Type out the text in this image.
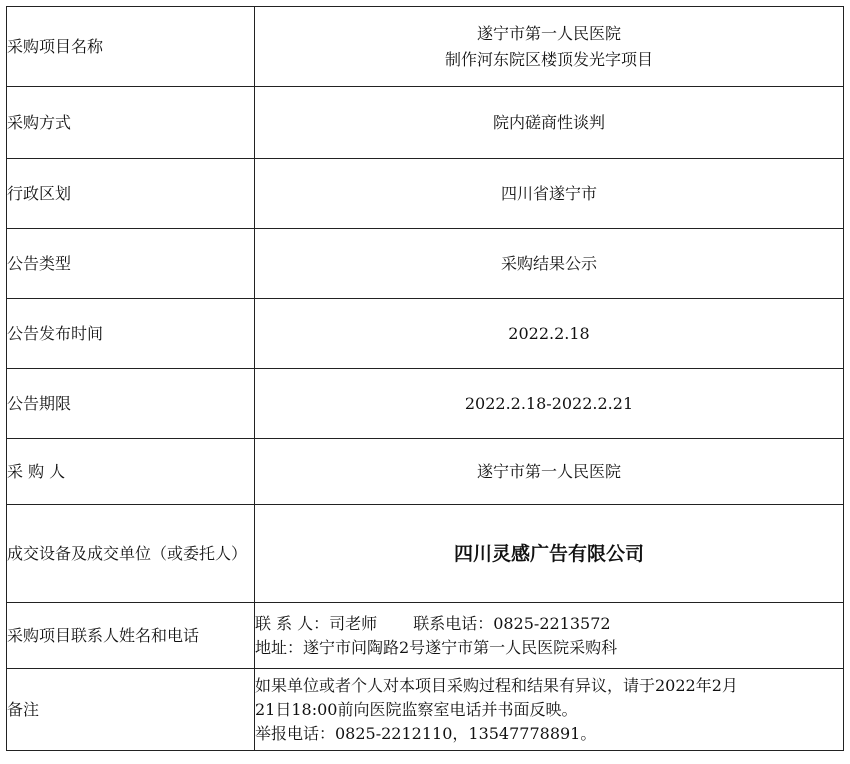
采购项目名称	遂宁市第一人民医院
制作河东院区楼顶发光字项目

采购方式	院内磋商性谈判
行政区划	四川省遂宁市
公告类型	采购结果公示
公告发布时间	2022.2.18
公告期限	2022.2.18-2022.2.21
采 购 人	遂宁市第一人民医院
成交设备及成交单位（或委托人）	四川灵感广告有限公司
采购项目联系人姓名和电话	联 系 人：司老师 联系电话：0825-2213572
地址：遂宁市问陶路2号遂宁市第一人民医院采购科

备注	如果单位或者个人对本项目采购过程和结果有异议，请于2022年2月
21日18:00前向医院监察室电话并书面反映。
举报电话：0825-2212110，13547778891。
